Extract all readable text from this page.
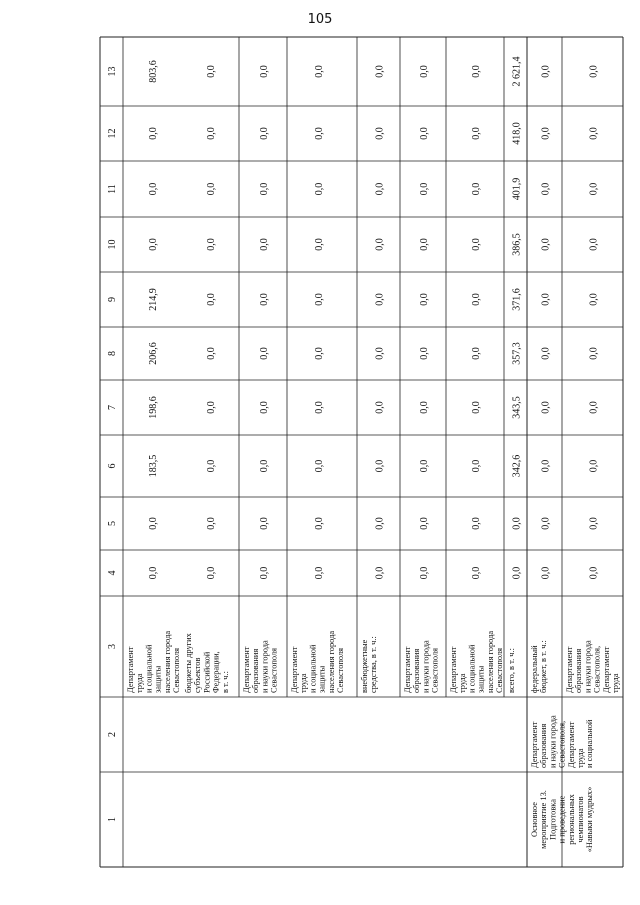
105
1
2
3
4
5
6
7
8
9
10
11
12
13
Департамент труда и социальной защиты населения города Севастополя
0,0
0,0
183,5
198,6
206,6
214,9
0,0
0,0
0,0
803,6
бюджеты других субъектов Российской Федерации, в т. ч.:
0,0
0,0
0,0
0,0
0,0
0,0
0,0
0,0
0,0
0,0
Департамент образования и науки города Севастополя
0,0
0,0
0,0
0,0
0,0
0,0
0,0
0,0
0,0
0,0
Департамент труда и социальной защиты населения города Севастополя
0,0
0,0
0,0
0,0
0,0
0,0
0,0
0,0
0,0
0,0
внебюджетные средства, в т. ч.:
0,0
0,0
0,0
0,0
0,0
0,0
0,0
0,0
0,0
0,0
Департамент образования и науки города Севастополя
0,0
0,0
0,0
0,0
0,0
0,0
0,0
0,0
0,0
0,0
Департамент труда и социальной защиты населения города Севастополя
0,0
0,0
0,0
0,0
0,0
0,0
0,0
0,0
0,0
0,0
всего, в т. ч.:
0,0
0,0
342,6
343,5
357,3
371,6
386,5
401,9
418,0
2 621,4
федеральный бюджет, в т. ч.:
0,0
0,0
0,0
0,0
0,0
0,0
0,0
0,0
0,0
0,0
Департамент образования и науки города Севастополя, Департамент труда
0,0
0,0
0,0
0,0
0,0
0,0
0,0
0,0
0,0
0,0
Основное мероприятие 13. Подготовка и проведение региональных чемпионатов «Навыки мудрых»
Департамент образования и науки города Севастополя, Департамент труда и социальной
